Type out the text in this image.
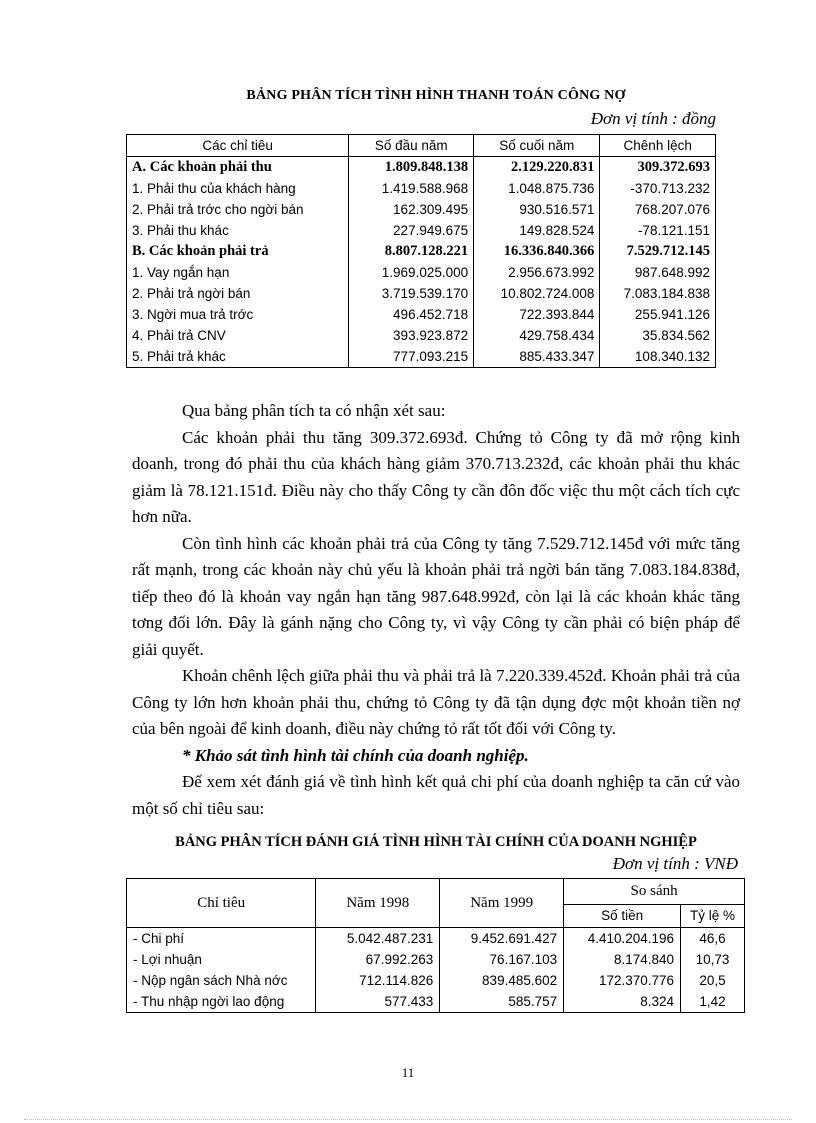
BẢNG PHÂN TÍCH TÌNH HÌNH THANH TOÁN CÔNG NỢ
Đơn vị tính : đồng
Các chỉ tiêu	Số đầu năm	Số cuối năm	Chênh lệch
A. Các khoản phải thu	1.809.848.138	2.129.220.831	309.372.693
1. Phải thu của khách hàng	1.419.588.968	1.048.875.736	-370.713.232
2. Phải trả trớc cho ngời bán	162.309.495	930.516.571	768.207.076
3. Phải thu khác	227.949.675	149.828.524	-78.121.151
B. Các khoản phải trả	8.807.128.221	16.336.840.366	7.529.712.145
1. Vay ngắn hạn	1.969.025.000	2.956.673.992	987.648.992
2. Phải trả ngời bán	3.719.539.170	10.802.724.008	7.083.184.838
3. Ngời mua trả trớc	496.452.718	722.393.844	255.941.126
4. Phải trả CNV	393.923.872	429.758.434	35.834.562
5. Phải trả khác	777.093.215	885.433.347	108.340.132

Qua bảng phân tích ta có nhận xét sau:

Các khoản phải thu tăng 309.372.693đ. Chứng tỏ Công ty đã mở rộng kinh doanh, trong đó phải thu của khách hàng giảm 370.713.232đ, các khoản phải thu khác giảm là 78.121.151đ. Điều này cho thấy Công ty cần đôn đốc việc thu một cách tích cực hơn nữa.

Còn tình hình các khoản phải trả của Công ty tăng 7.529.712.145đ với mức tăng rất mạnh, trong các khoản này chủ yếu là khoản phải trả ngời bán tăng 7.083.184.838đ, tiếp theo đó là khoản vay ngắn hạn tăng 987.648.992đ, còn lại là các khoản khác tăng tơng đối lớn. Đây là gánh nặng cho Công ty, vì vậy Công ty cần phải có biện pháp để giải quyết.

Khoản chênh lệch giữa phải thu và phải trả là 7.220.339.452đ. Khoản phải trả của Công ty lớn hơn khoản phải thu, chứng tỏ Công ty đã tận dụng đợc một khoản tiền nợ của bên ngoài để kinh doanh, điều này chứng tỏ rất tốt đối với Công ty.

* Khảo sát tình hình tài chính của doanh nghiệp.

Để xem xét đánh giá về tình hình kết quả chi phí của doanh nghiệp ta căn cứ vào một số chỉ tiêu sau:

BẢNG PHÂN TÍCH ĐÁNH GIÁ TÌNH HÌNH TÀI CHÍNH CỦA DOANH NGHIỆP
Đơn vị tính : VNĐ
Chỉ tiêu	Năm 1998	Năm 1999	So sánh	
			Số tiền	Tỷ lệ %
- Chi phí	5.042.487.231	9.452.691.427	4.410.204.196	46,6
- Lợi nhuận	67.992.263	76.167.103	8.174.840	10,73
- Nộp ngân sách Nhà nớc	712.114.826	839.485.602	172.370.776	20,5
- Thu nhập ngời lao động	577.433	585.757	8.324	1,42
11
